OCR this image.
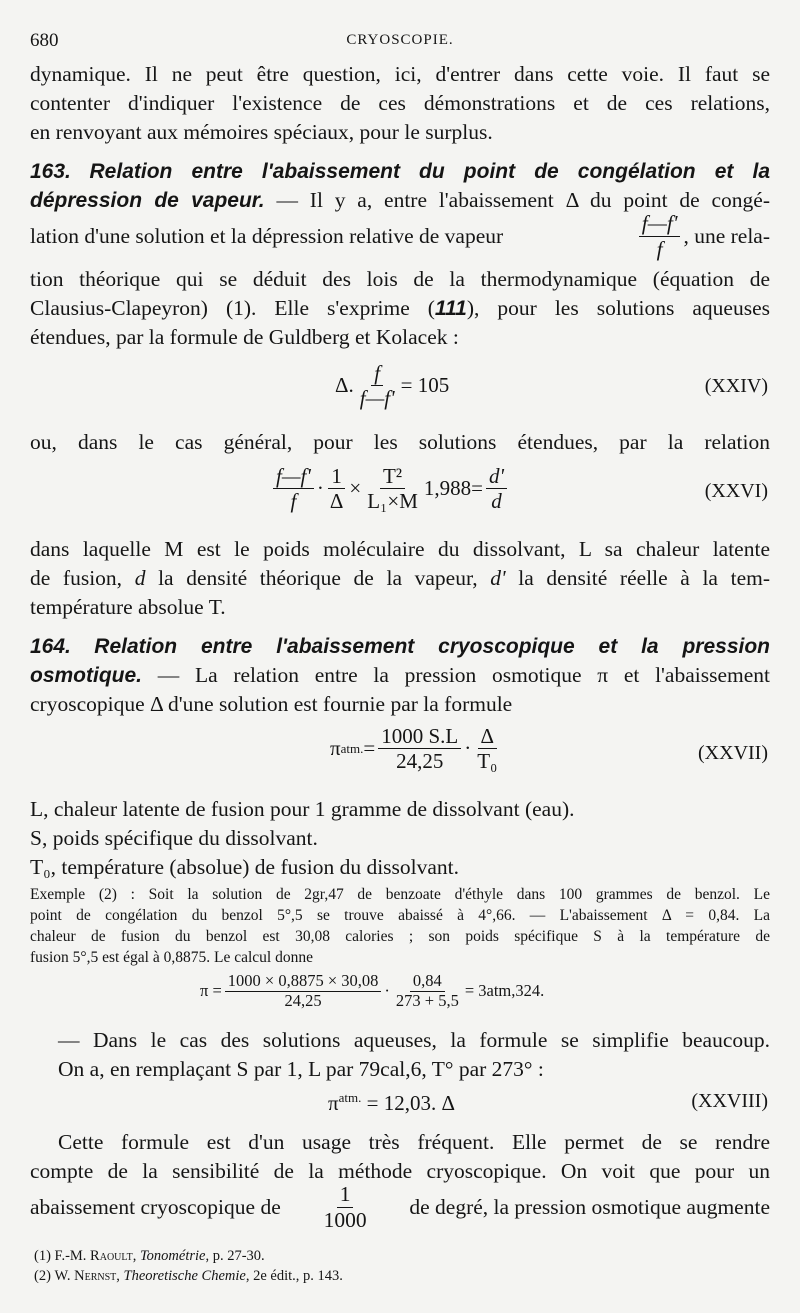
680	CRYOSCOPIE.
dynamique. Il ne peut être question, ici, d'entrer dans cette voie. Il faut se
contenter d'indiquer l'existence de ces démonstrations et de ces relations,
en renvoyant aux mémoires spéciaux, pour le surplus.
163. Relation entre l'abaissement du point de congélation et la
dépression de vapeur. — Il y a, entre l'abaissement Δ du point de congé-
lation d'une solution et la dépression relative de vapeur	$\frac{f—f'}{f}$ , une rela-
tion théorique qui se déduit des lois de la thermodynamique (équation de
Clausius-Clapeyron) (1). Elle s'exprime (111), pour les solutions aqueuses
étendues, par la formule de Guldberg et Kolacek :
Δ. $\frac{f}{f—f'} = 105$	(XXIV)
ou, dans le cas général, pour les solutions étendues, par la relation
$\frac{f—f'}{f} \cdot \frac{1}{\Delta} \times \frac{\text{T²}}{\text{L₁×M}} 1,988= \frac{d'}{d}$	(XXVI)
dans laquelle M est le poids moléculaire du dissolvant, L sa chaleur latente
de fusion, d la densité théorique de la vapeur, d' la densité réelle à la tem-
température absolue T.
164. Relation entre l'abaissement cryoscopique et la pression
osmotique. — La relation entre la pression osmotique π et l'abaissement
cryoscopique Δ d'une solution est fournie par la formule
π atm. = $\frac{1000 S.L}{24,25} \cdot \frac{\Delta}{\text{T₀}}$	(XXVII)
L, chaleur latente de fusion pour 1 gramme de dissolvant (eau).
S, poids spécifique du dissolvant.
T₀, température (absolue) de fusion du dissolvant.
Exemple (2) : Soit la solution de 2gr,47 de benzoate d'éthyle dans 100 grammes de benzol. Le
point de congélation du benzol 5°,5 se trouve abaissé à 4°,66. — L'abaissement Δ = 0,84. La
chaleur de fusion du benzol est 30,08 calories ; son poids spécifique S à la température de
fusion 5°,5 est égal à 0,8875. Le calcul donne
$\pi = \frac{1000 \times 0,8875 \times 30,08}{24,25} \cdot \frac{0,84}{273 + 5,5} = 3atm,324$.
— Dans le cas des solutions aqueuses, la formule se simplifie beaucoup.
On a, en remplaçant S par 1, L par 79cal,6, T° par 273° :
$\pi^{atm.} = 12,03$. Δ	(XXVIII)
Cette formule est d'un usage très fréquent. Elle permet de se rendre
compte de la sensibilité de la méthode cryoscopique. On voit que pour un
abaissement cryoscopique de $\frac{1}{1000}$ de degré, la pression osmotique augmente
(1) F.-M. Raoult, Tonométrie, p. 27-30.
(2) W. Nernst, Theoretische Chemie, 2e édit., p. 143.
